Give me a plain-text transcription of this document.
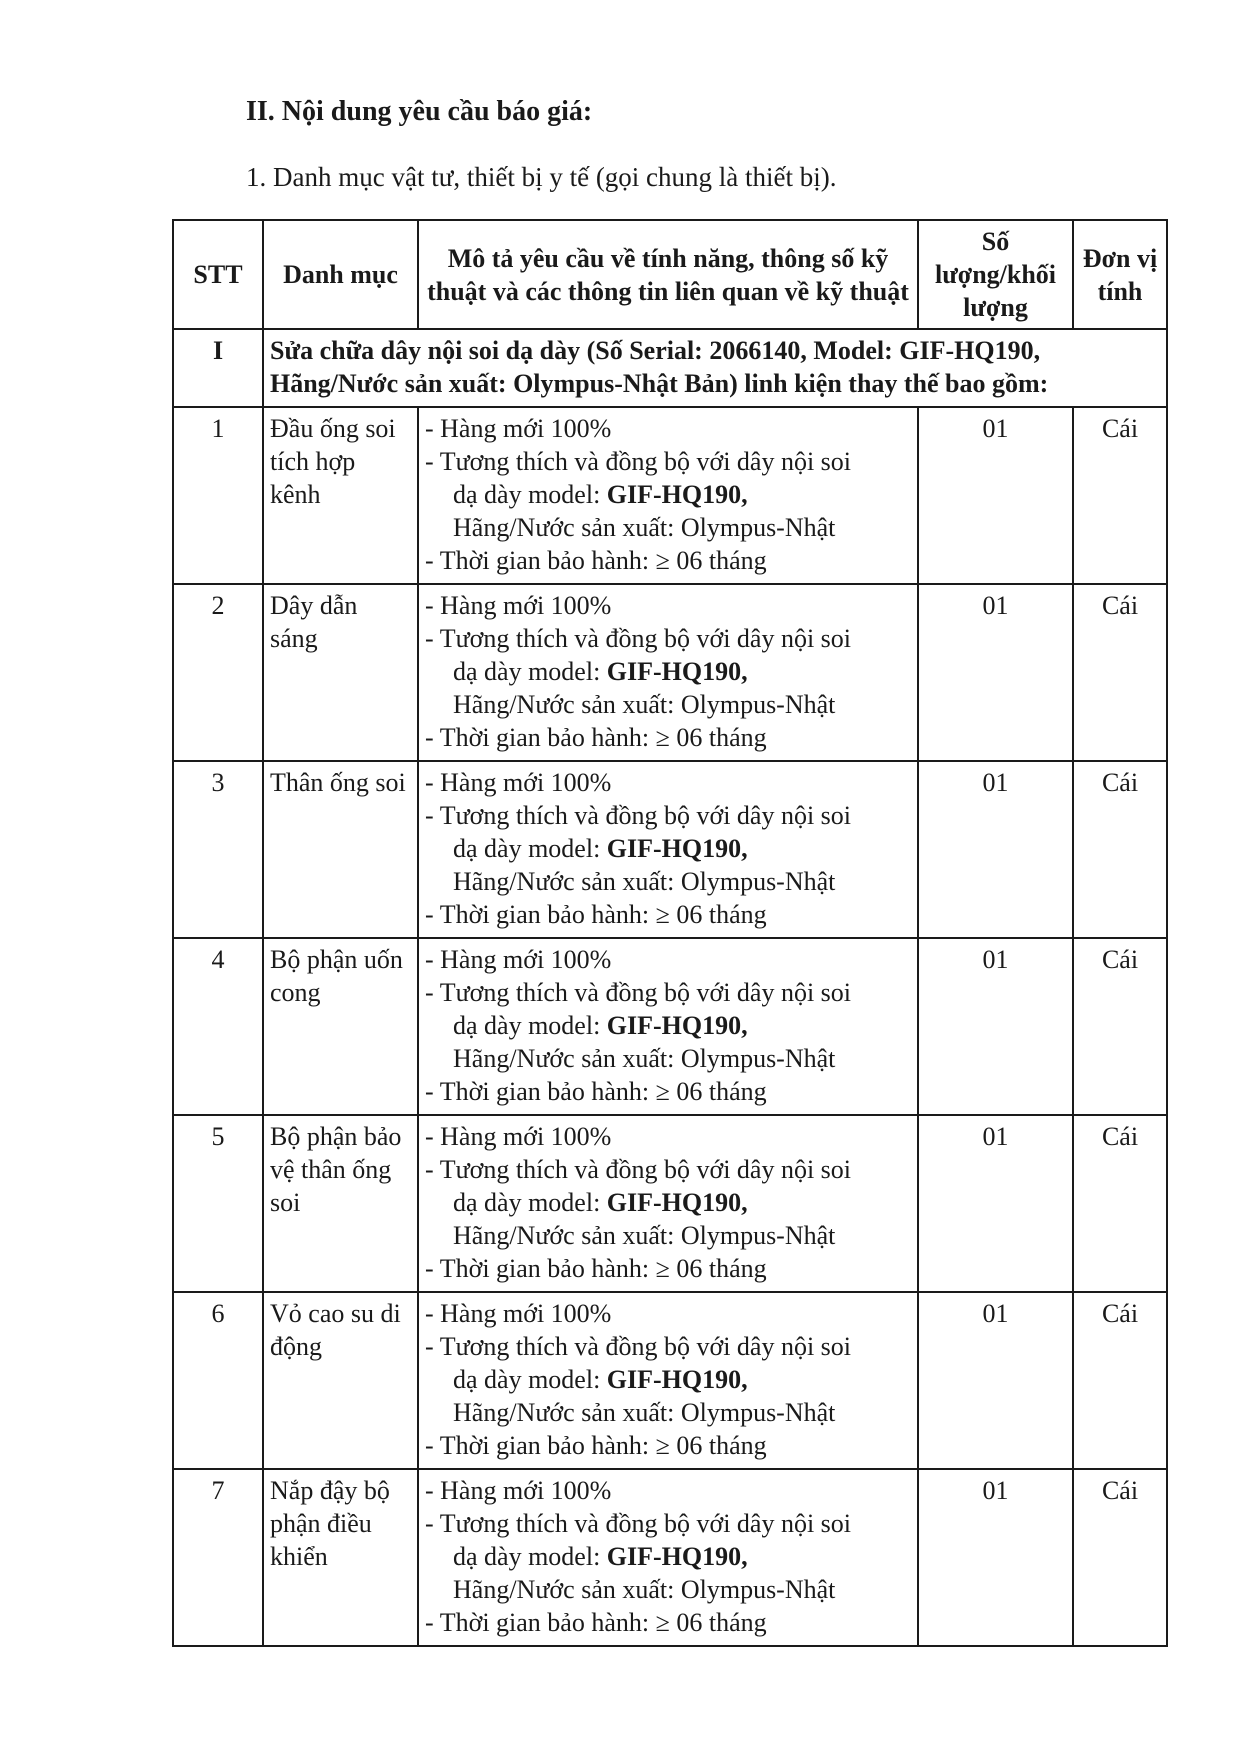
II. Nội dung yêu cầu báo giá:
1. Danh mục vật tư, thiết bị y tế (gọi chung là thiết bị).
STT	Danh mục	Mô tả yêu cầu về tính năng, thông số kỹ thuật và các thông tin liên quan về kỹ thuật	Số lượng/khối lượng	Đơn vị tính
I	Sửa chữa dây nội soi dạ dày (Số Serial: 2066140, Model: GIF-HQ190, Hãng/Nước sản xuất: Olympus-Nhật Bản) linh kiện thay thế bao gồm:			
1	Đầu ống soi tích hợp kênh	- Hàng mới 100%
- Tương thích và đồng bộ với dây nội soi
dạ dày model: GIF-HQ190,
Hãng/Nước sản xuất: Olympus-Nhật
- Thời gian bảo hành: ≥ 06 tháng	01	Cái
2	Dây dẫn sáng	- Hàng mới 100%
- Tương thích và đồng bộ với dây nội soi
dạ dày model: GIF-HQ190,
Hãng/Nước sản xuất: Olympus-Nhật
- Thời gian bảo hành: ≥ 06 tháng	01	Cái
3	Thân ống soi	- Hàng mới 100%
- Tương thích và đồng bộ với dây nội soi
dạ dày model: GIF-HQ190,
Hãng/Nước sản xuất: Olympus-Nhật
- Thời gian bảo hành: ≥ 06 tháng	01	Cái
4	Bộ phận uốn cong	- Hàng mới 100%
- Tương thích và đồng bộ với dây nội soi
dạ dày model: GIF-HQ190,
Hãng/Nước sản xuất: Olympus-Nhật
- Thời gian bảo hành: ≥ 06 tháng	01	Cái
5	Bộ phận bảo vệ thân ống soi	- Hàng mới 100%
- Tương thích và đồng bộ với dây nội soi
dạ dày model: GIF-HQ190,
Hãng/Nước sản xuất: Olympus-Nhật
- Thời gian bảo hành: ≥ 06 tháng	01	Cái
6	Vỏ cao su di động	- Hàng mới 100%
- Tương thích và đồng bộ với dây nội soi
dạ dày model: GIF-HQ190,
Hãng/Nước sản xuất: Olympus-Nhật
- Thời gian bảo hành: ≥ 06 tháng	01	Cái
7	Nắp đậy bộ phận điều khiển	- Hàng mới 100%
- Tương thích và đồng bộ với dây nội soi
dạ dày model: GIF-HQ190,
Hãng/Nước sản xuất: Olympus-Nhật
- Thời gian bảo hành: ≥ 06 tháng	01	Cái
